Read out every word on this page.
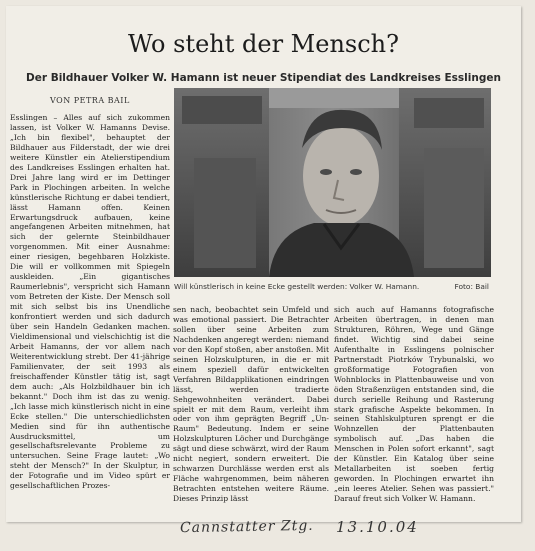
Wo steht der Mensch?
Der Bildhauer Volker W. Hamann ist neuer Stipendiat des Landkreises Esslingen
VON PETRA BAIL
Will künstlerisch in keine Ecke gestellt werden: Volker W. Hamann.	Foto: Bail
Esslingen – Alles auf sich zukommen lassen, ist Volker W. Hamanns Devise. „Ich bin flexibel", behauptet der Bildhauer aus Filderstadt, der wie drei weitere Künstler ein Atelierstipendium des Landkreises Esslingen erhalten hat. Drei Jahre lang wird er im Dettinger Park in Plochingen arbeiten. In welche künstlerische Richtung er dabei tendiert, lässt Hamann offen. Keinen Erwartungsdruck aufbauen, keine angefangenen Arbeiten mitnehmen, hat sich der gelernte Steinbildhauer vorgenommen. Mit einer Ausnahme: einer riesigen, begehbaren Holzkiste. Die will er vollkommen mit Spiegeln auskleiden. „Ein gigantisches Raumerlebnis", verspricht sich Hamann vom Betreten der Kiste. Der Mensch soll mit sich selbst bis ins Unendliche konfrontiert werden und sich dadurch über sein Handeln Gedanken machen. Vieldimensional und vielschichtig ist die Arbeit Hamanns, der vor allem nach Weiterentwicklung strebt. Der 41-jährige Familienvater, der seit 1993 als freischaffender Künstler tätig ist, sagt dem auch: „Als Holzbildhauer bin ich bekannt." Doch ihm ist das zu wenig. „Ich lasse mich künstlerisch nicht in eine Ecke stellen." Die unterschiedlichsten Medien sind für ihn authentische Ausdrucksmittel, um gesellschaftsrelevante Probleme zu untersuchen. Seine Frage lautet: „Wo steht der Mensch?" In der Skulptur, in der Fotografie und im Video spürt er gesellschaftlichen Prozes-
sen nach, beobachtet sein Umfeld und was emotional passiert. Die Betrachter sollen über seine Arbeiten zum Nachdenken angeregt werden: niemand vor den Kopf stoßen, aber anstoßen. Mit seinen Holzskulpturen, in die er mit einem speziell dafür entwickelten Verfahren Bildapplikationen eindringen lässt, werden tradierte Sehgewohnheiten verändert. Dabei spielt er mit dem Raum, verleiht ihm oder von ihm geprägten Begriff „Un-Raum" Bedeutung. Indem er seine Holzskulpturen Löcher und Durchgänge sägt und diese schwärzt, wird der Raum nicht negiert, sondern erweitert. Die schwarzen Durchlässe werden erst als Fläche wahrgenommen, beim näheren Betrachten entstehen weitere Räume. Dieses Prinzip lässt
sich auch auf Hamanns fotografische Arbeiten übertragen, in denen man Strukturen, Röhren, Wege und Gänge findet. Wichtig sind dabei seine Aufenthalte in Esslingens polnischer Partnerstadt Piotrków Trybunalski, wo großformatige Fotografien von Wohnblocks in Plattenbauweise und von öden Straßenzügen entstanden sind, die durch serielle Reihung und Rasterung stark grafische Aspekte bekommen. In seinen Stahlskulpturen sprengt er die Wohnzellen der Plattenbauten symbolisch auf. „Das haben die Menschen in Polen sofort erkannt", sagt der Künstler. Ein Katalog über seine Metallarbeiten ist soeben fertig geworden. In Plochingen erwartet ihn „ein leeres Atelier. Sehen was passiert." Darauf freut sich Volker W. Hamann.
Cannstatter Ztg. 13.10.04
